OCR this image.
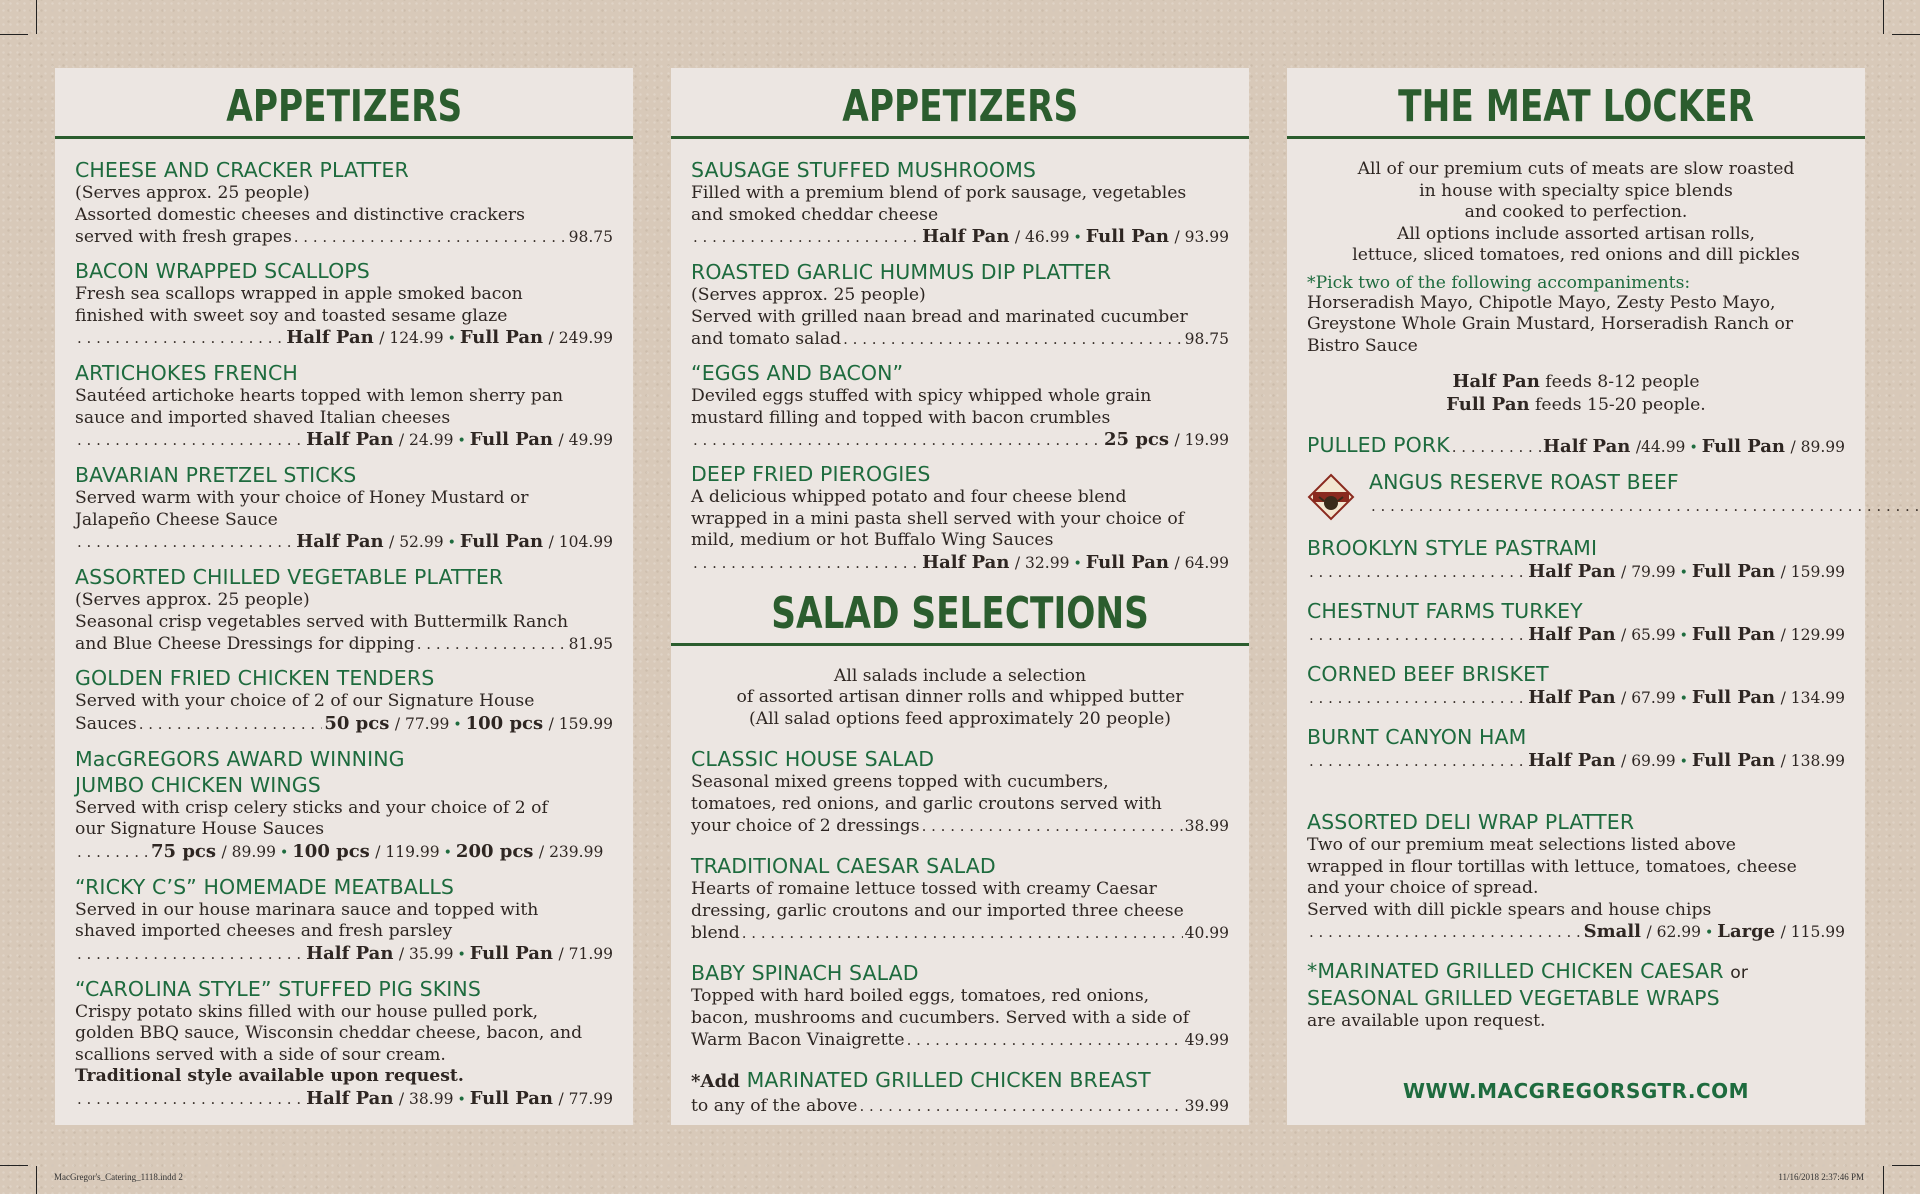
APPETIZERS
CHEESE AND CRACKER PLATTER
(Serves approx. 25 people)
Assorted domestic cheeses and distinctive crackers
served with fresh grapes . . .	98.75
BACON WRAPPED SCALLOPS
Fresh sea scallops wrapped in apple smoked bacon
finished with sweet soy and toasted sesame glaze
. . .
Half Pan
/ 124.99 • Full Pan
/ 249.99
ARTICHOKES FRENCH
Sautéed artichoke hearts topped with lemon sherry pan
sauce and imported shaved Italian cheeses
. . .
Half Pan
/ 24.99 • Full Pan
/ 49.99
BAVARIAN PRETZEL STICKS
Served warm with your choice of Honey Mustard or
Jalapeño Cheese Sauce
. . .
Half Pan
/ 52.99 • Full Pan
/ 104.99
ASSORTED CHILLED VEGETABLE PLATTER
(Serves approx. 25 people)
Seasonal crisp vegetables served with Buttermilk Ranch
and Blue Cheese Dressings for dipping . . .	81.95
GOLDEN FRIED CHICKEN TENDERS
Served with your choice of 2 of our Signature House
Sauces . . .	50 pcs
/ 77.99 • 100 pcs
/ 159.99
MacGREGORS AWARD WINNING
JUMBO CHICKEN WINGS
Served with crisp celery sticks and your choice of 2 of
our Signature House Sauces
. . .
75 pcs
/ 89.99 • 100 pcs
/ 119.99 • 200 pcs
/ 239.99
“RICKY C’S” HOMEMADE MEATBALLS
Served in our house marinara sauce and topped with
shaved imported cheeses and fresh parsley
. . .
Half Pan
/ 35.99 • Full Pan
/ 71.99
“CAROLINA STYLE” STUFFED PIG SKINS
Crispy potato skins filled with our house pulled pork,
golden BBQ sauce, Wisconsin cheddar cheese, bacon, and
scallions served with a side of sour cream.
Traditional style available upon request.
. . .
Half Pan
/ 38.99 • Full Pan
/ 77.99
APPETIZERS
SAUSAGE STUFFED MUSHROOMS
Filled with a premium blend of pork sausage, vegetables
and smoked cheddar cheese
. . .
Half Pan
/ 46.99 • Full Pan
/ 93.99
ROASTED GARLIC HUMMUS DIP PLATTER
(Serves approx. 25 people)
Served with grilled naan bread and marinated cucumber
and tomato salad . . .	98.75
“EGGS AND BACON”
Deviled eggs stuffed with spicy whipped whole grain
mustard filling and topped with bacon crumbles
. . .
25 pcs
/ 19.99
DEEP FRIED PIEROGIES
A delicious whipped potato and four cheese blend
wrapped in a mini pasta shell served with your choice of
mild, medium or hot Buffalo Wing Sauces
. . .
Half Pan
/ 32.99 • Full Pan
/ 64.99
SALAD SELECTIONS
All salads include a selection
of assorted artisan dinner rolls and whipped butter
(All salad options feed approximately 20 people)
CLASSIC HOUSE SALAD
Seasonal mixed greens topped with cucumbers,
tomatoes, red onions, and garlic croutons served with
your choice of 2 dressings . . .	38.99
TRADITIONAL CAESAR SALAD
Hearts of romaine lettuce tossed with creamy Caesar
dressing, garlic croutons and our imported three cheese
blend . . .	40.99
BABY SPINACH SALAD
Topped with hard boiled eggs, tomatoes, red onions,
bacon, mushrooms and cucumbers. Served with a side of
Warm Bacon Vinaigrette . . .	49.99
*Add MARINATED GRILLED CHICKEN BREAST
to any of the above . . .	39.99
THE MEAT LOCKER
All of our premium cuts of meats are slow roasted
in house with specialty spice blends
and cooked to perfection.
All options include assorted artisan rolls,
lettuce, sliced tomatoes, red onions and dill pickles
*Pick two of the following accompaniments:
Horseradish Mayo, Chipotle Mayo, Zesty Pesto Mayo,
Greystone Whole Grain Mustard, Horseradish Ranch or
Bistro Sauce
Half Pan feeds 8-12 people
Full Pan feeds 15-20 people.
PULLED PORK . . .	Half Pan
/44.99 • Full Pan
/ 89.99
ANGUS RESERVE ROAST BEEF
. . .

BROOKLYN STYLE PASTRAMI
. . .
Half Pan
/ 79.99 • Full Pan
/ 159.99
CHESTNUT FARMS TURKEY
. . .
Half Pan
/ 65.99 • Full Pan
/ 129.99
CORNED BEEF BRISKET
. . .
Half Pan
/ 67.99 • Full Pan
/ 134.99
BURNT CANYON HAM
. . .
Half Pan
/ 69.99 • Full Pan
/ 138.99
ASSORTED DELI WRAP PLATTER
Two of our premium meat selections listed above
wrapped in flour tortillas with lettuce, tomatoes, cheese
and your choice of spread.
Served with dill pickle spears and house chips
. . .
Small
/ 62.99 • Large
/ 115.99
*MARINATED GRILLED CHICKEN CAESAR or
SEASONAL GRILLED VEGETABLE WRAPS
are available upon request.
WWW.MACGREGORSGTR.COM
MacGregor's_Catering_1118.indd 2	11/16/2018 2:37:46 PM
